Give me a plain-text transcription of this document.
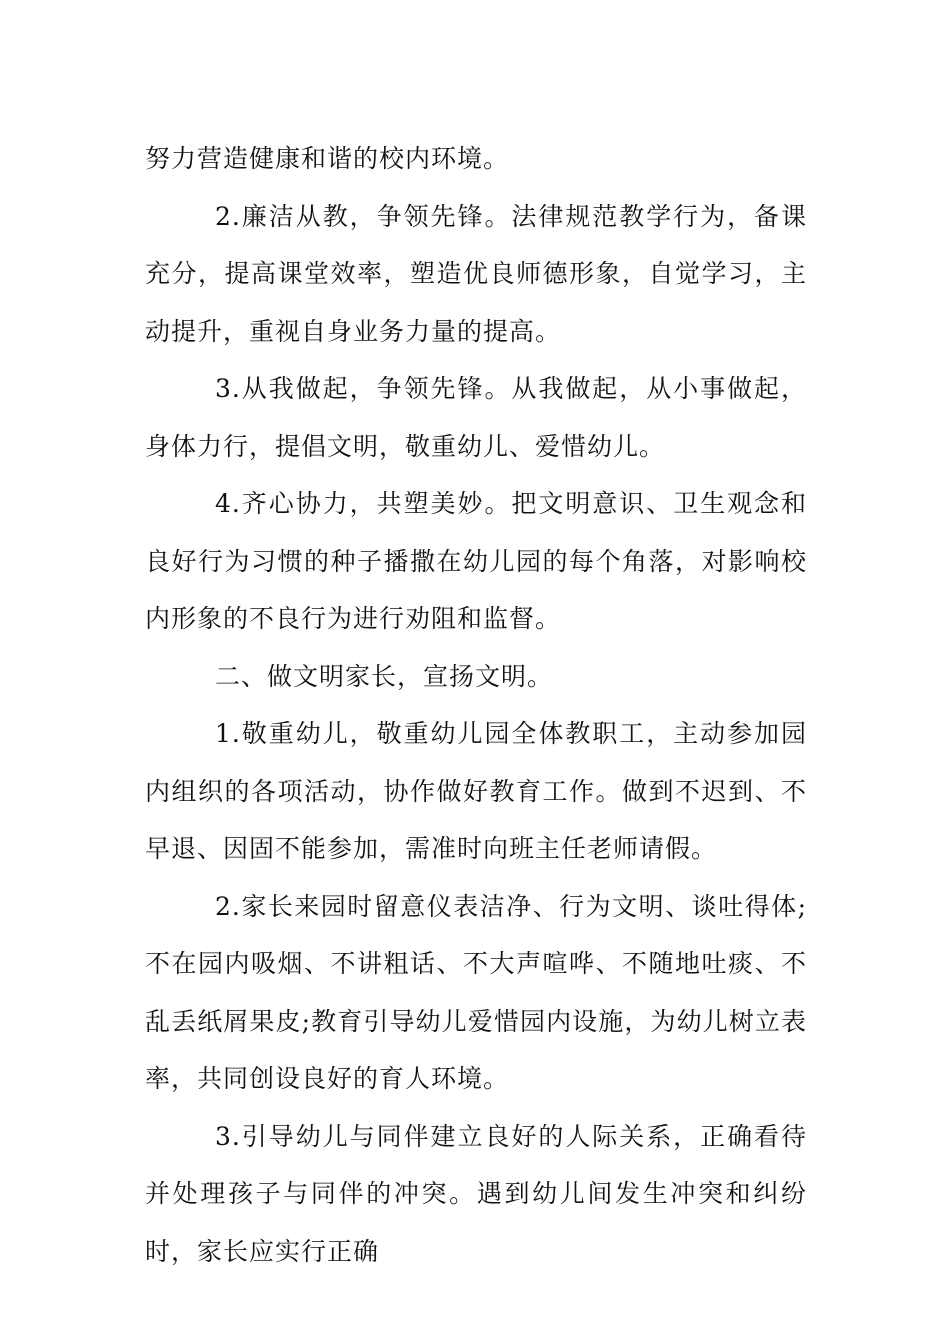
努力营造健康和谐的校内环境。

2.廉洁从教，争领先锋。法律规范教学行为，备课充分，提高课堂效率，塑造优良师德形象，自觉学习，主动提升，重视自身业务力量的提高。

3.从我做起，争领先锋。从我做起，从小事做起，身体力行，提倡文明，敬重幼儿、爱惜幼儿。

4.齐心协力，共塑美妙。把文明意识、卫生观念和良好行为习惯的种子播撒在幼儿园的每个角落，对影响校内形象的不良行为进行劝阻和监督。

二、做文明家长，宣扬文明。

1.敬重幼儿，敬重幼儿园全体教职工，主动参加园内组织的各项活动，协作做好教育工作。做到不迟到、不早退、因固不能参加，需准时向班主任老师请假。

2.家长来园时留意仪表洁净、行为文明、谈吐得体;不在园内吸烟、不讲粗话、不大声喧哗、不随地吐痰、不乱丢纸屑果皮;教育引导幼儿爱惜园内设施，为幼儿树立表率，共同创设良好的育人环境。

3.引导幼儿与同伴建立良好的人际关系，正确看待并处理孩子与同伴的冲突。遇到幼儿间发生冲突和纠纷时，家长应实行正确
